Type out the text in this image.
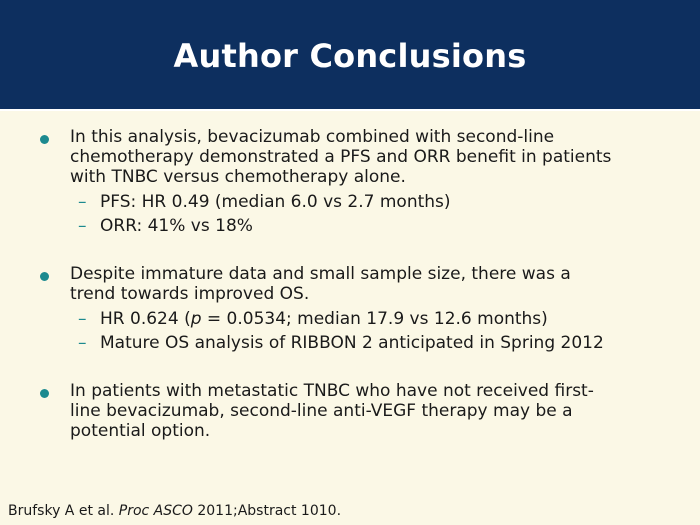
Author Conclusions
In this analysis, bevacizumab combined with second-line
chemotherapy demonstrated a PFS and ORR benefit in patients
with TNBC versus chemotherapy alone.
– PFS: HR 0.49 (median 6.0 vs 2.7 months)
– ORR: 41% vs 18%
Despite immature data and small sample size, there was a
trend towards improved OS.
– HR 0.624 (p = 0.0534; median 17.9 vs 12.6 months)
– Mature OS analysis of RIBBON 2 anticipated in Spring 2012
In patients with metastatic TNBC who have not received first-
line bevacizumab, second-line anti-VEGF therapy may be a
potential option.
Brufsky A et al. Proc ASCO 2011;Abstract 1010.
